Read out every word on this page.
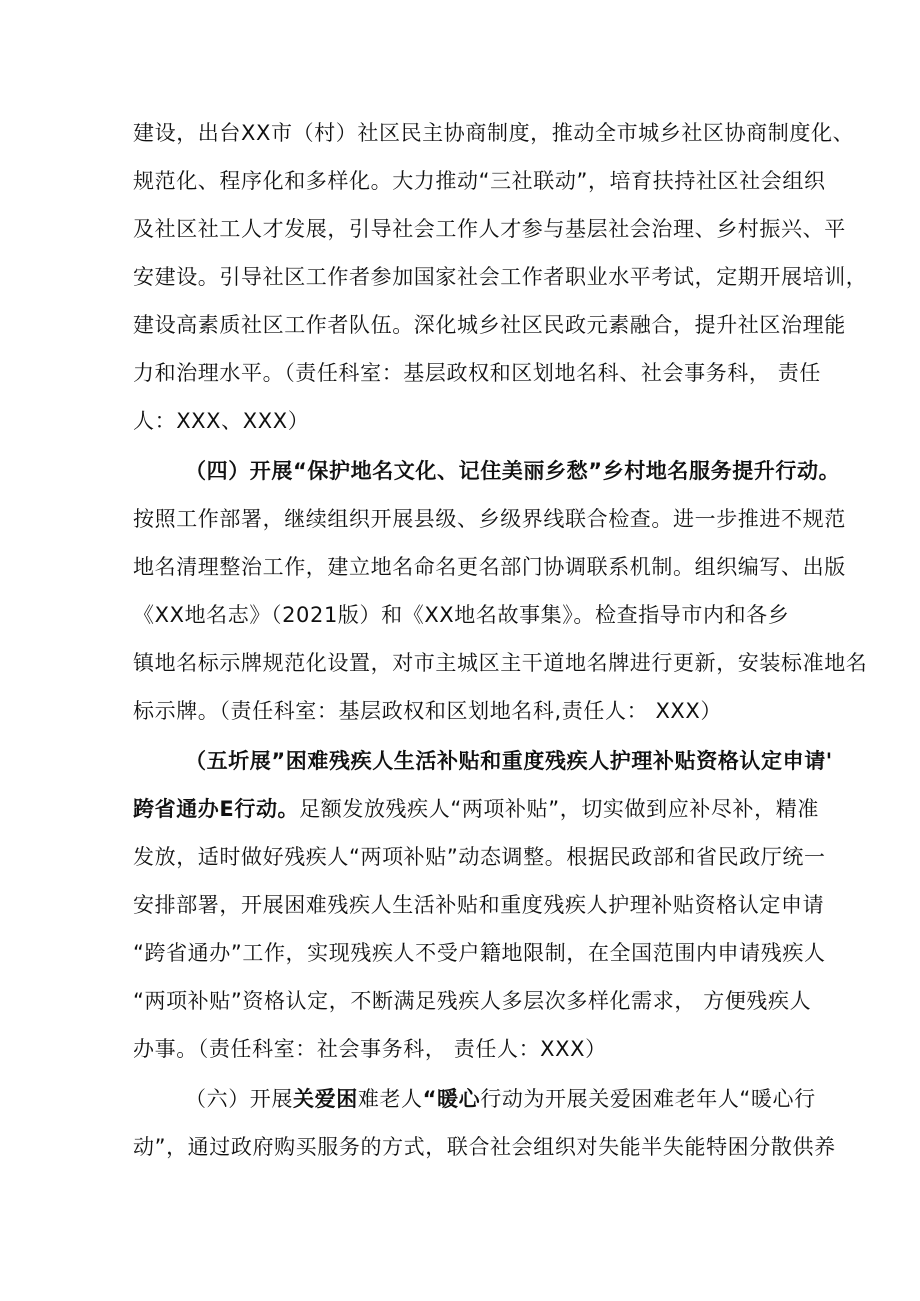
建设，出台XX市（村）社区民主协商制度，推动全市城乡社区协商制度化、
规范化、程序化和多样化。大力推动“三社联动”，培育扶持社区社会组织
及社区社工人才发展，引导社会工作人才参与基层社会治理、乡村振兴、平
安建设。引导社区工作者参加国家社会工作者职业水平考试，定期开展培训，
建设高素质社区工作者队伍。深化城乡社区民政元素融合，提升社区治理能
力和治理水平。（责任科室：基层政权和区划地名科、社会事务科， 责任
人：XXX、XXX）
（四）开展“保护地名文化、记住美丽乡愁”乡村地名服务提升行动。
按照工作部署，继续组织开展县级、乡级界线联合检查。进一步推进不规范
地名清理整治工作，建立地名命名更名部门协调联系机制。组织编写、出版
《XX地名志》（2021版）和《XX地名故事集》。检查指导市内和各乡
镇地名标示牌规范化设置，对市主城区主干道地名牌进行更新，安装标准地名
标示牌。（责任科室：基层政权和区划地名科,责任人： XXX）
（五圻展”困难残疾人生活补贴和重度残疾人护理补贴资格认定申请'
跨省通办E行动。足额发放残疾人“两项补贴”，切实做到应补尽补，精准
发放，适时做好残疾人“两项补贴”动态调整。根据民政部和省民政厅统一
安排部署，开展困难残疾人生活补贴和重度残疾人护理补贴资格认定申请
“跨省通办”工作，实现残疾人不受户籍地限制，在全国范围内申请残疾人
“两项补贴”资格认定，不断满足残疾人多层次多样化需求， 方便残疾人
办事。（责任科室：社会事务科， 责任人：XXX）
（六）开展关爱困难老人“暖心行动为开展关爱困难老年人“暖心行
动”，通过政府购买服务的方式，联合社会组织对失能半失能特困分散供养
